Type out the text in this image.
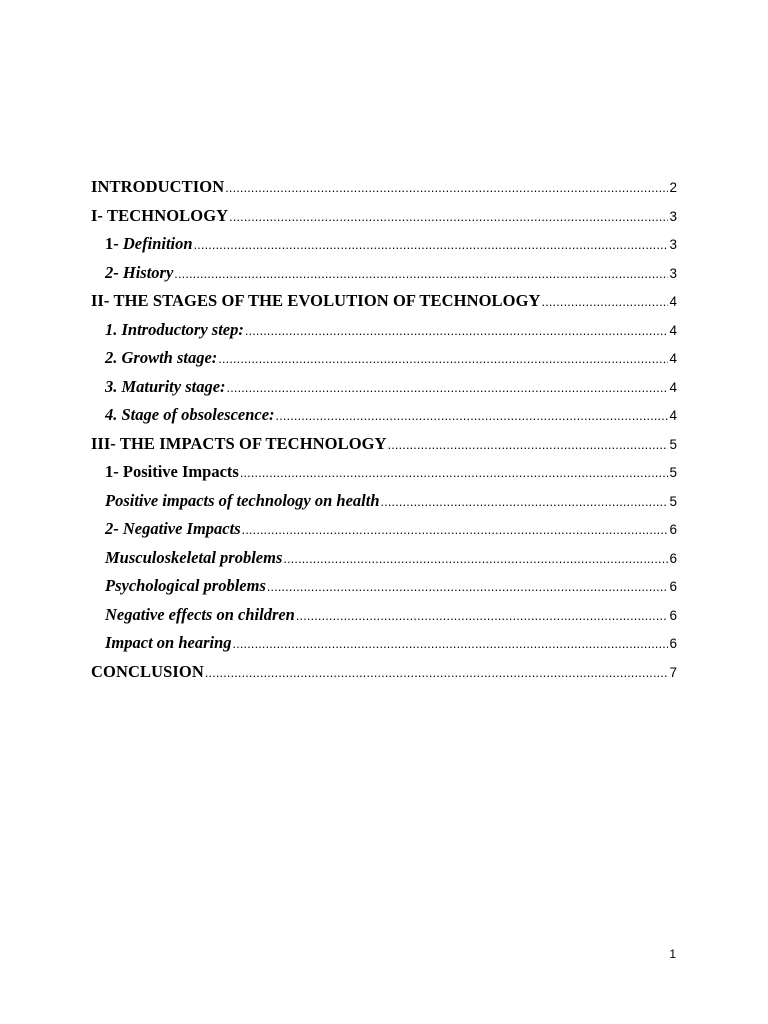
INTRODUCTION .....	2
I- TECHNOLOGY .....	3
1- Definition .....	3
2- History .....	3
II- THE STAGES OF THE EVOLUTION OF TECHNOLOGY .....	4
1. Introductory step: .....	4
2. Growth stage: .....	4
3. Maturity stage: .....	4
4. Stage of obsolescence: .....	4
III- THE IMPACTS OF TECHNOLOGY .....	5
1- Positive Impacts .....	5
Positive impacts of technology on health .....	5
2- Negative Impacts .....	6
Musculoskeletal problems .....	6
Psychological problems .....	6
Negative effects on children .....	6
Impact on hearing .....	6
CONCLUSION .....	7
1
